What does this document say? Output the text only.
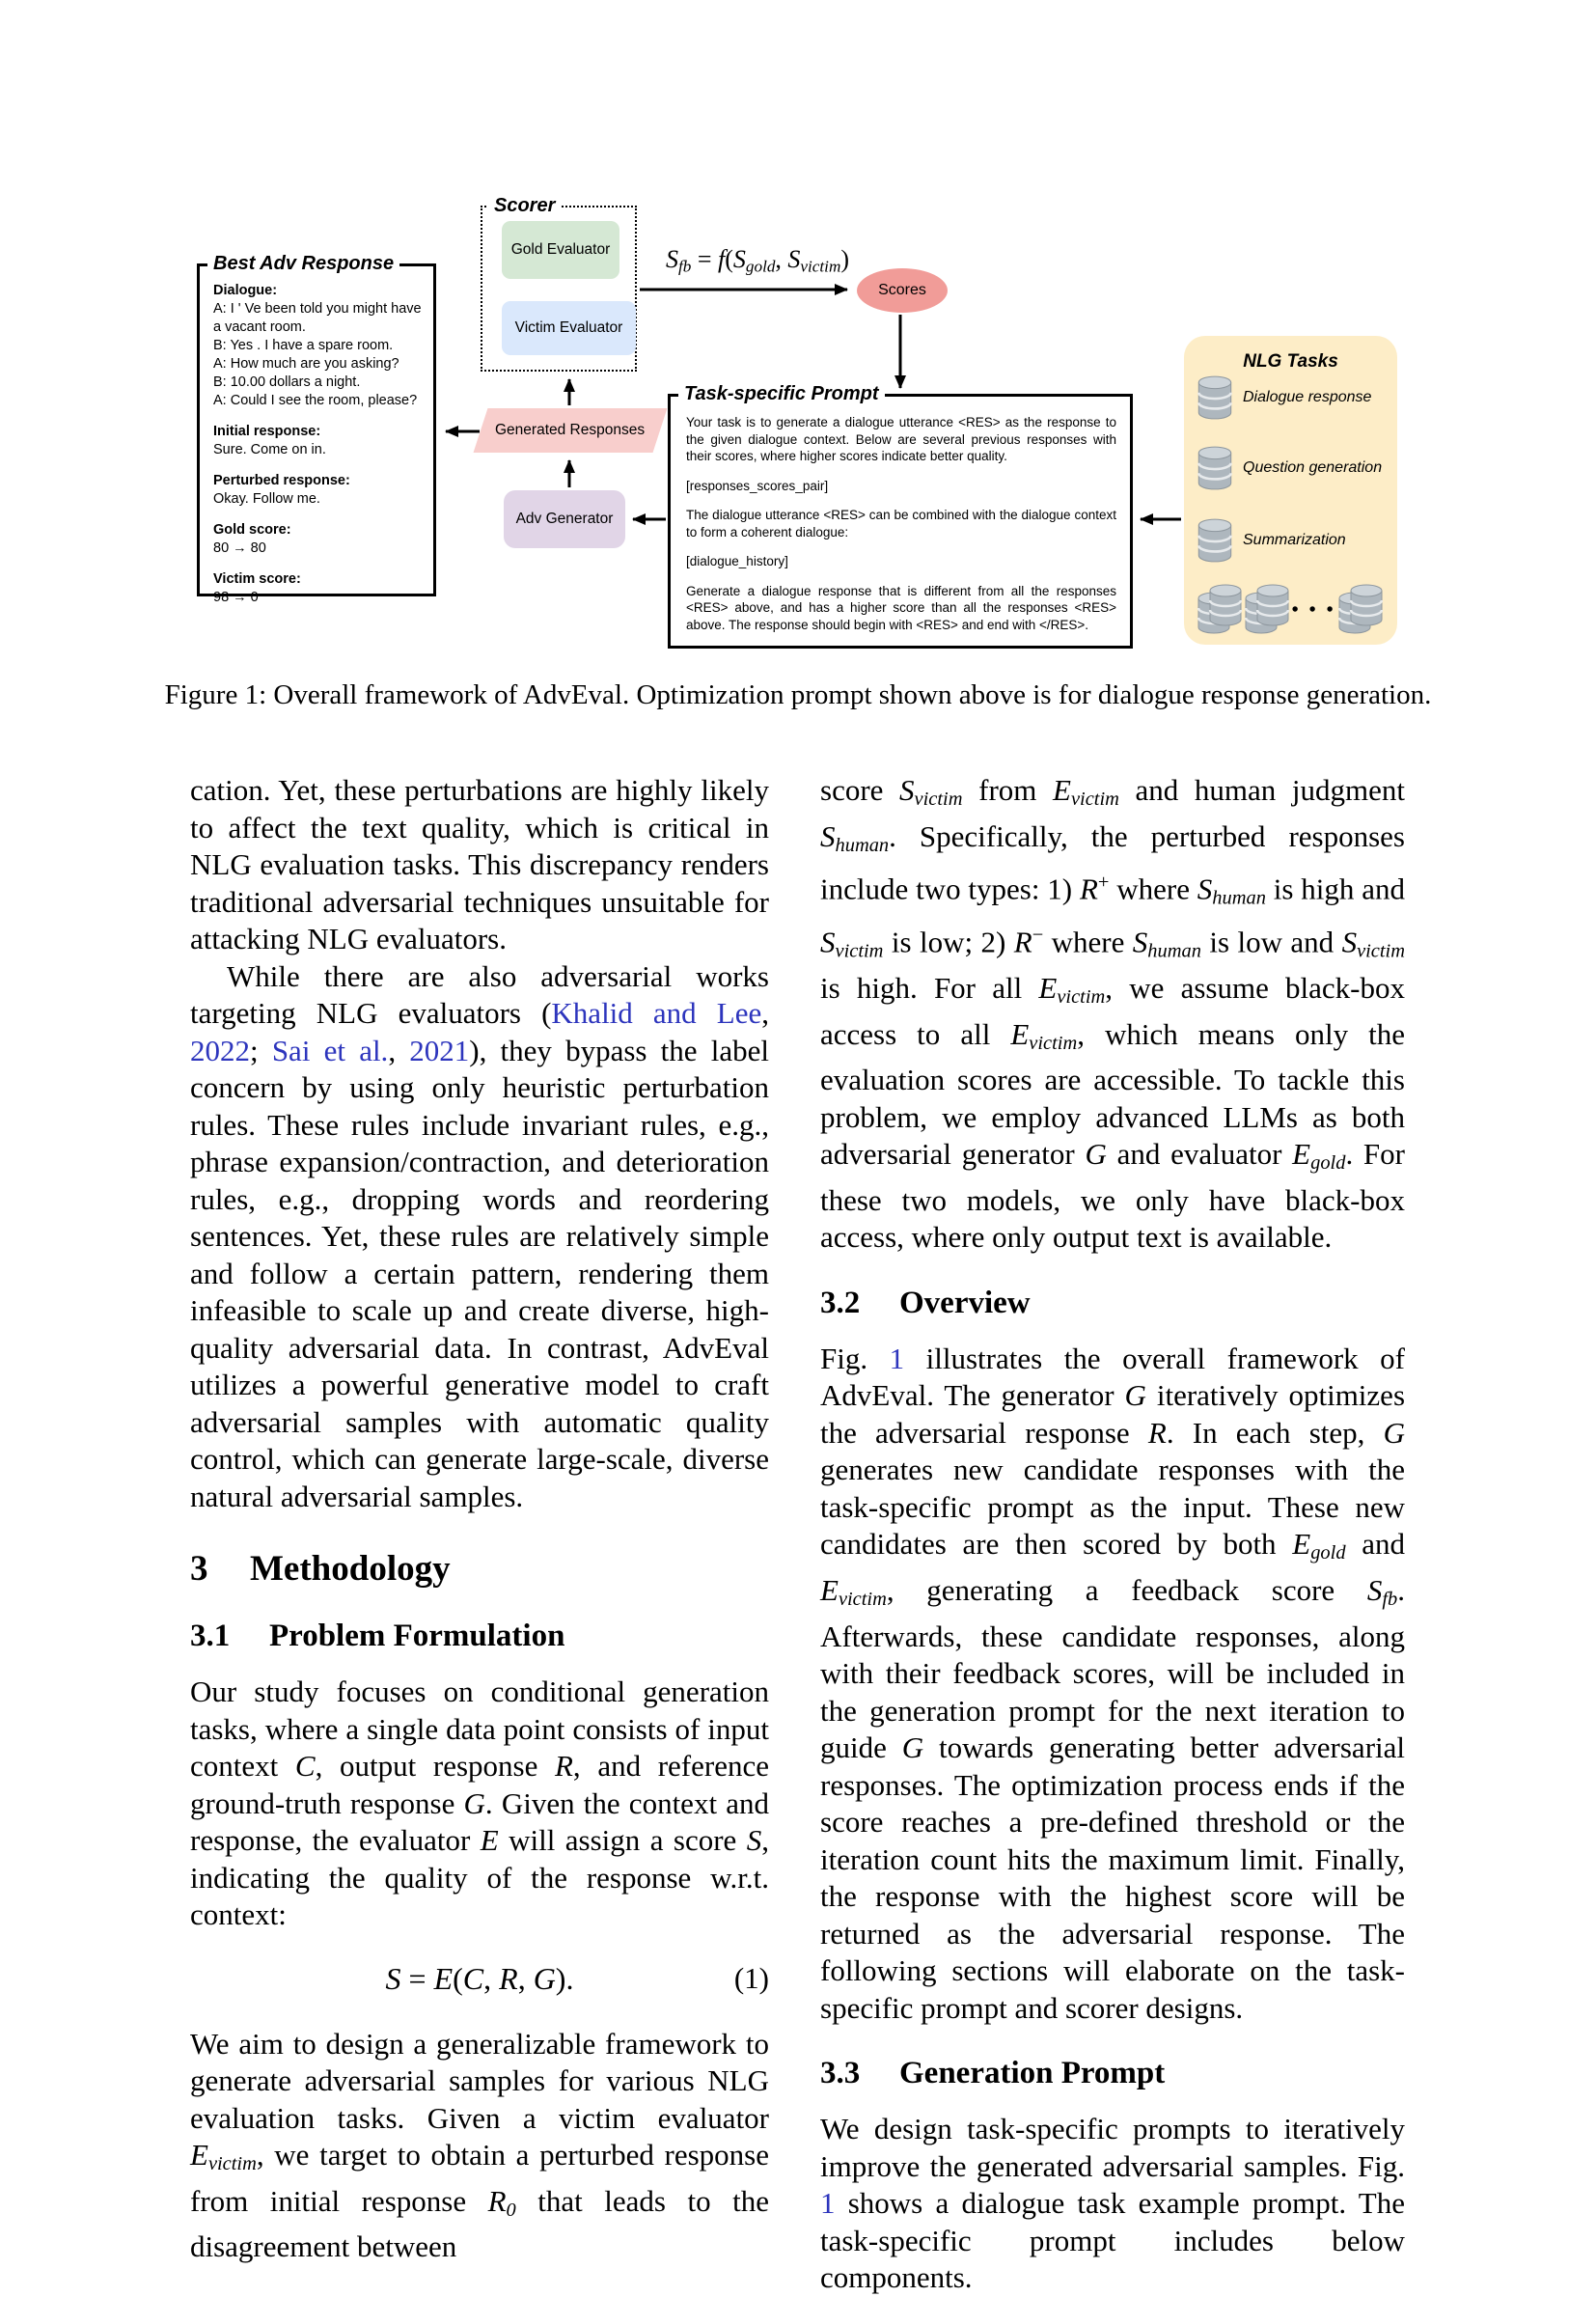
Best Adv Response
Dialogue:
A: I ' Ve been told you might have a vacant room.
B: Yes . I have a spare room.
A: How much are you asking?
B: 10.00 dollars a night.
A: Could I see the room, please?
Initial response:
Sure. Come on in.
Perturbed response:
Okay. Follow me.
Gold score:
80 → 80
Victim score:
98 → 0
Scorer
Gold Evaluator
Victim Evaluator
Sfb = f(Sgold, Svictim)
Scores
Generated Responses
Adv Generator
Task-specific Prompt

Your task is to generate a dialogue utterance <RES> as the response to the given dialogue context. Below are several previous responses with their scores, where higher scores indicate better quality.

[responses_scores_pair]

The dialogue utterance <RES> can be combined with the dialogue context to form a coherent dialogue:

[dialogue_history]

Generate a dialogue response that is different from all the responses <RES> above, and has a higher score than all the responses <RES> above. The response should begin with <RES> and end with </RES>.

NLG Tasks
Dialogue response
Question generation
Summarization
• • •
Figure 1: Overall framework of AdvEval. Optimization prompt shown above is for dialogue response generation.

cation. Yet, these perturbations are highly likely to affect the text quality, which is critical in NLG evaluation tasks. This discrepancy renders traditional adversarial techniques unsuitable for attacking NLG evaluators.

While there are also adversarial works targeting NLG evaluators (Khalid and Lee, 2022; Sai et al., 2021), they bypass the label concern by using only heuristic perturbation rules. These rules include invariant rules, e.g., phrase expansion/contraction, and deterioration rules, e.g., dropping words and reordering sentences. Yet, these rules are relatively simple and follow a certain pattern, rendering them infeasible to scale up and create diverse, high-quality adversarial data. In contrast, AdvEval utilizes a powerful generative model to craft adversarial samples with automatic quality control, which can generate large-scale, diverse natural adversarial samples.

3 Methodology
3.1 Problem Formulation

Our study focuses on conditional generation tasks, where a single data point consists of input context C, output response R, and reference ground-truth response G. Given the context and response, the evaluator E will assign a score S, indicating the quality of the response w.r.t. context:

S = E(C, R, G).	(1)

We aim to design a generalizable framework to generate adversarial samples for various NLG evaluation tasks. Given a victim evaluator Evictim, we target to obtain a perturbed response from initial response R0 that leads to the disagreement between

score Svictim from Evictim and human judgment Shuman. Specifically, the perturbed responses include two types: 1) R+ where Shuman is high and Svictim is low; 2) R− where Shuman is low and Svictim is high. For all Evictim, we assume black-box access to all Evictim, which means only the evaluation scores are accessible. To tackle this problem, we employ advanced LLMs as both adversarial generator G and evaluator Egold. For these two models, we only have black-box access, where only output text is available.

3.2 Overview

Fig. 1 illustrates the overall framework of AdvEval. The generator G iteratively optimizes the adversarial response R. In each step, G generates new candidate responses with the task-specific prompt as the input. These new candidates are then scored by both Egold and Evictim, generating a feedback score Sfb. Afterwards, these candidate responses, along with their feedback scores, will be included in the generation prompt for the next iteration to guide G towards generating better adversarial responses. The optimization process ends if the score reaches a pre-defined threshold or the iteration count hits the maximum limit. Finally, the response with the highest score will be returned as the adversarial response. The following sections will elaborate on the task-specific prompt and scorer designs.

3.3 Generation Prompt

We design task-specific prompts to iteratively improve the generated adversarial samples. Fig. 1 shows a dialogue task example prompt. The task-specific prompt includes below components.
